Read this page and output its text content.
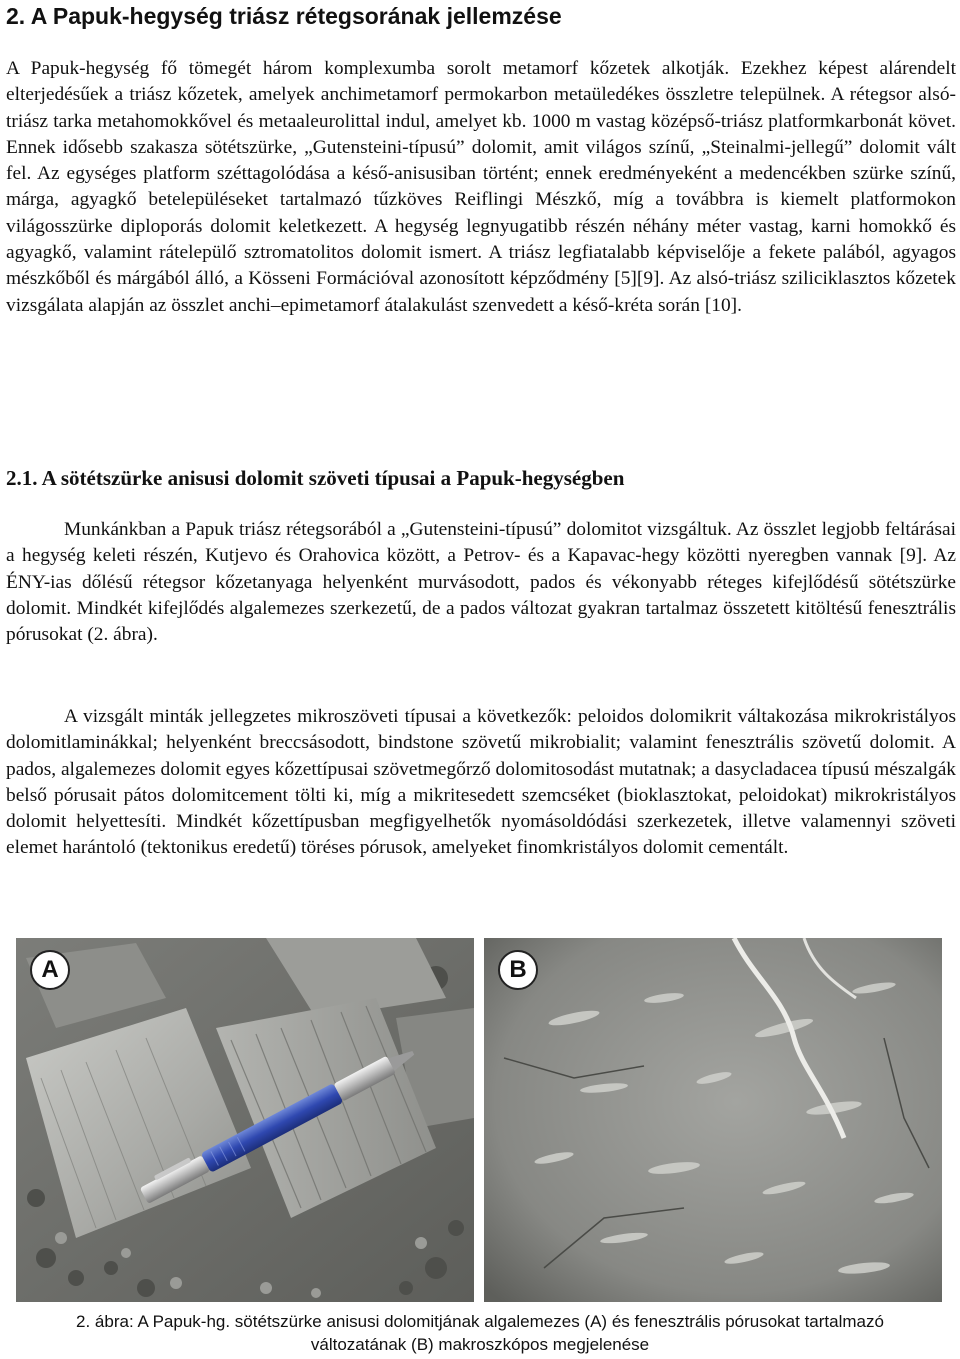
2. A Papuk-hegység triász rétegsorának jellemzése

A Papuk-hegység fő tömegét három komplexumba sorolt metamorf kőzetek alkotják. Ezekhez képest alárendelt elterjedésűek a triász kőzetek, amelyek anchimetamorf permokarbon metaüledékes összletre települnek. A rétegsor alsó-triász tarka metahomokkővel és metaaleurolittal indul, amelyet kb. 1000 m vastag középső-triász platformkarbonát követ. Ennek idősebb szakasza sötétszürke, „Gutensteini-típusú” dolomit, amit világos színű, „Steinalmi-jellegű” dolomit vált fel. Az egységes platform széttagolódása a késő-anisusiban történt; ennek eredményeként a medencékben szürke színű, márga, agyagkő betelepüléseket tartalmazó tűzköves Reiflingi Mészkő, míg a továbbra is kiemelt platformokon világosszürke diploporás dolomit keletkezett. A hegység legnyugatibb részén néhány méter vastag, karni homokkő és agyagkő, valamint rátelepülő sztromatolitos dolomit ismert. A triász legfiatalabb képviselője a fekete palából, agyagos mészkőből és márgából álló, a Kösseni Formációval azonosított képződmény [5][9]. Az alsó-triász sziliciklasztos kőzetek vizsgálata alapján az összlet anchi–epimetamorf átalakulást szenvedett a késő-kréta során [10].

2.1. A sötétszürke anisusi dolomit szöveti típusai a Papuk-hegységben

Munkánkban a Papuk triász rétegsorából a „Gutensteini-típusú” dolomitot vizsgáltuk. Az összlet legjobb feltárásai a hegység keleti részén, Kutjevo és Orahovica között, a Petrov- és a Kapavac-hegy közötti nyeregben vannak [9]. Az ÉNY-ias dőlésű rétegsor kőzetanyaga helyenként murvásodott, pados és vékonyabb réteges kifejlődésű sötétszürke dolomit. Mindkét kifejlődés algalemezes szerkezetű, de a pados változat gyakran tartalmaz összetett kitöltésű fenesztrális pórusokat (2. ábra).

A vizsgált minták jellegzetes mikroszöveti típusai a következők: peloidos dolomikrit váltakozása mikrokristályos dolomitlaminákkal; helyenként breccsásodott, bindstone szövetű mikrobialit; valamint fenesztrális szövetű dolomit. A pados, algalemezes dolomit egyes kőzettípusai szövetmegőrző dolomitosodást mutatnak; a dasycladacea típusú mészalgák belső pórusait pátos dolomitcement tölti ki, míg a mikritesedett szemcséket (bioklasztokat, peloidokat) mikrokristályos dolomit helyettesíti. Mindkét kőzettípusban megfigyelhetők nyomásoldódási szerkezetek, illetve valamennyi szöveti elemet harántoló (tektonikus eredetű) töréses pórusok, amelyeket finomkristályos dolomit cementált.

A	B

2. ábra: A Papuk-hg. sötétszürke anisusi dolomitjának algalemezes (A) és fenesztrális pórusokat tartalmazó
változatának (B) makroszkópos megjelenése
